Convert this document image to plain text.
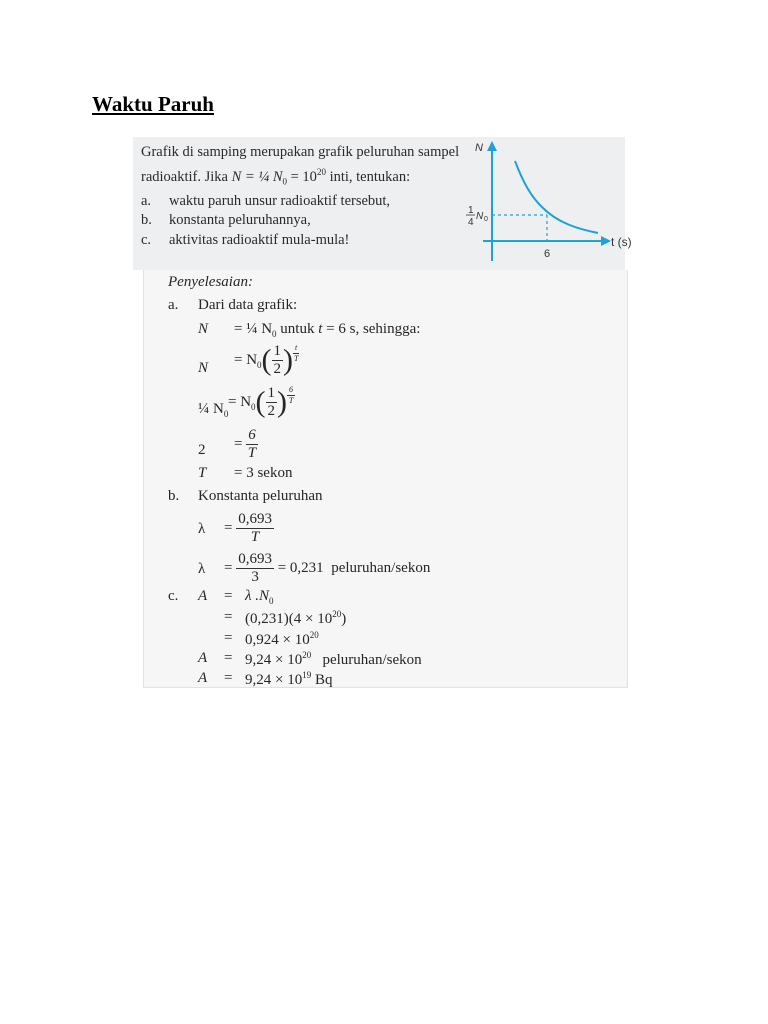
Waktu Paruh

Grafik di samping merupakan grafik peluruhan sampel radioaktif. Jika N = ¼ $N_0 = 10^{20}$ inti, tentukan:

a.	waktu paruh unsur radioaktif tersebut,
b.	konstanta peluruhannya,
c.	aktivitas radioaktif mula-mula!
N
t (s)
1
4
N 0
6
Penyelesaian:
a. Dari data grafik:
N = ¼ $N_0$ untuk t = 6 s, sehingga:
N
= $N_0( \frac{1}{2}$ ) $^{\frac{t}{T}}$
¼ $N_0$
= $N_0( \frac{1}{2}$ ) $^{\frac{6}{T}}$
$2 = \frac{6}{T}$
T = 3 sekon
b. Konstanta peluruhan
$\lambda = \frac{0,693}{T}$
$\lambda = \frac{0,693}{3} = 0,231$ peluruhan/sekon
c. A = λ $.N_0$
= $(0,231)(4 \times 10^{20})$
= $0,924 \times 10^{20}$
$A = 9,24 \times 10^{20}$ peluruhan/sekon
$A = 9,24 \times 10^{19}$ Bq
